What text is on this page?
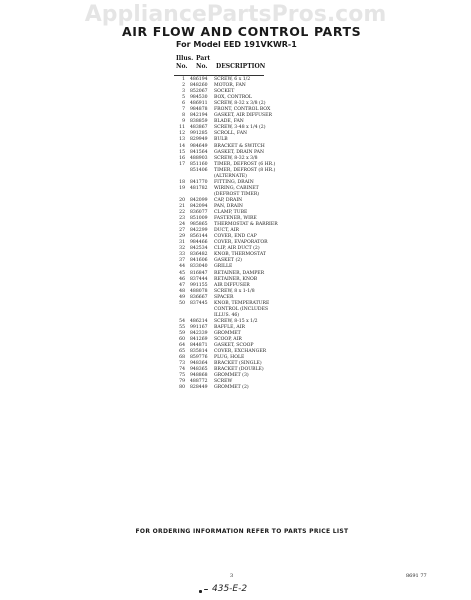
AppliancePartsPros.com
AIR FLOW AND CONTROL PARTS
For Model EED 191VKWR-1
Illus. Part
No. No. DESCRIPTION
1 486194 SCREW, 6 x 1/2
2 848260 MOTOR, FAN
3 852067 SOCKET
5 984530 BOX, CONTROL
6 486911 SCREW, 8-32 x 3/8 (2)
7 984878 FRONT, CONTROL BOX
8 842194 GASKET, AIR DIFFUSER
9 838859 BLADE, FAN
11 483867 SCREW, 3-48 x 1/4 (2)
12 991285 SCROLL, FAN
13 829949 BULB
14 984649 BRACKET & SWITCH
15 841564 GASKET, DRAIN PAN
16 488903 SCREW, 8-32 x 3/8
17 851160 TIMER, DEFROST (6 HR.)
851406 TIMER, DEFROST (8 HR.)
(ALTERNATE)
18 841770 FITTING, DRAIN
19 481782 WIRING, CABINET
(DEFROST TIMER)
20 842099 CAP, DRAIN
21 842094 PAN, DRAIN
22 836077 CLAMP, TUBE
23 851009 FASTENER, WIRE
24 985865 THERMOSTAT & BARRIER
27 842299 DUCT, AIR
29 856144 COVER, END CAP
31 984466 COVER, EVAPORATOR
32 842534 CLIP, AIR DUCT (2)
33 836482 KNOB, THERMOSTAT
37 841606 GASKET (2)
44 833040 GRILLE
45 816847 RETAINER, DAMPER
46 837444 RETAINER, KNOB
47 991155 AIR DIFFUSER
48 488078 SCREW, 8 x 1-1/8
49 836667 SPACER
50 837445 KNOB, TEMPERATURE
CONTROL (INCLUDES
ILLUS. 46)
54 486214 SCREW, 8-15 x 1/2
55 991167 BAFFLE, AIR
59 842339 GROMMET
60 841269 SCOOP, AIR
64 844871 GASKET, SCOOP
65 835814 COVER, EXCHANGER
68 859776 PLUG, HOLE
73 948364 BRACKET (SINGLE)
74 948365 BRACKET (DOUBLE)
75 948868 GROMMET (3)
79 488772 SCREW
80 828449 GROMMET (2)
FOR ORDERING INFORMATION REFER TO PARTS PRICE LIST
3	8691 77
435-E-2
